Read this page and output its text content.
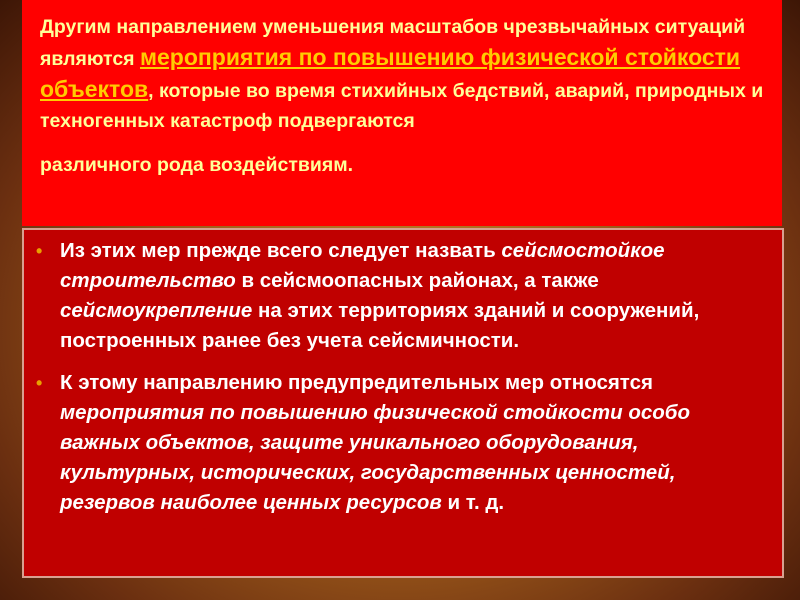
Другим направлением уменьшения масштабов чрезвычайных ситуаций являются мероприятия по повышению физической стойкости объектов, которые во время стихийных бедствий, аварий, природных и техногенных катастроф подвергаются
различного рода воздействиям.

• Из этих мер прежде всего следует назвать сейсмостойкое строительство в сейсмоопасных районах, а также сейсмоукрепление на этих территориях зданий и сооружений, построенных ранее без учета сейсмичности.
• К этому направлению предупредительных мер относятся мероприятия по повышению физической стойкости особо важных объектов, защите уникального оборудования, культурных, исторических, государственных ценностей, резервов наиболее ценных ресурсов и т. д.
